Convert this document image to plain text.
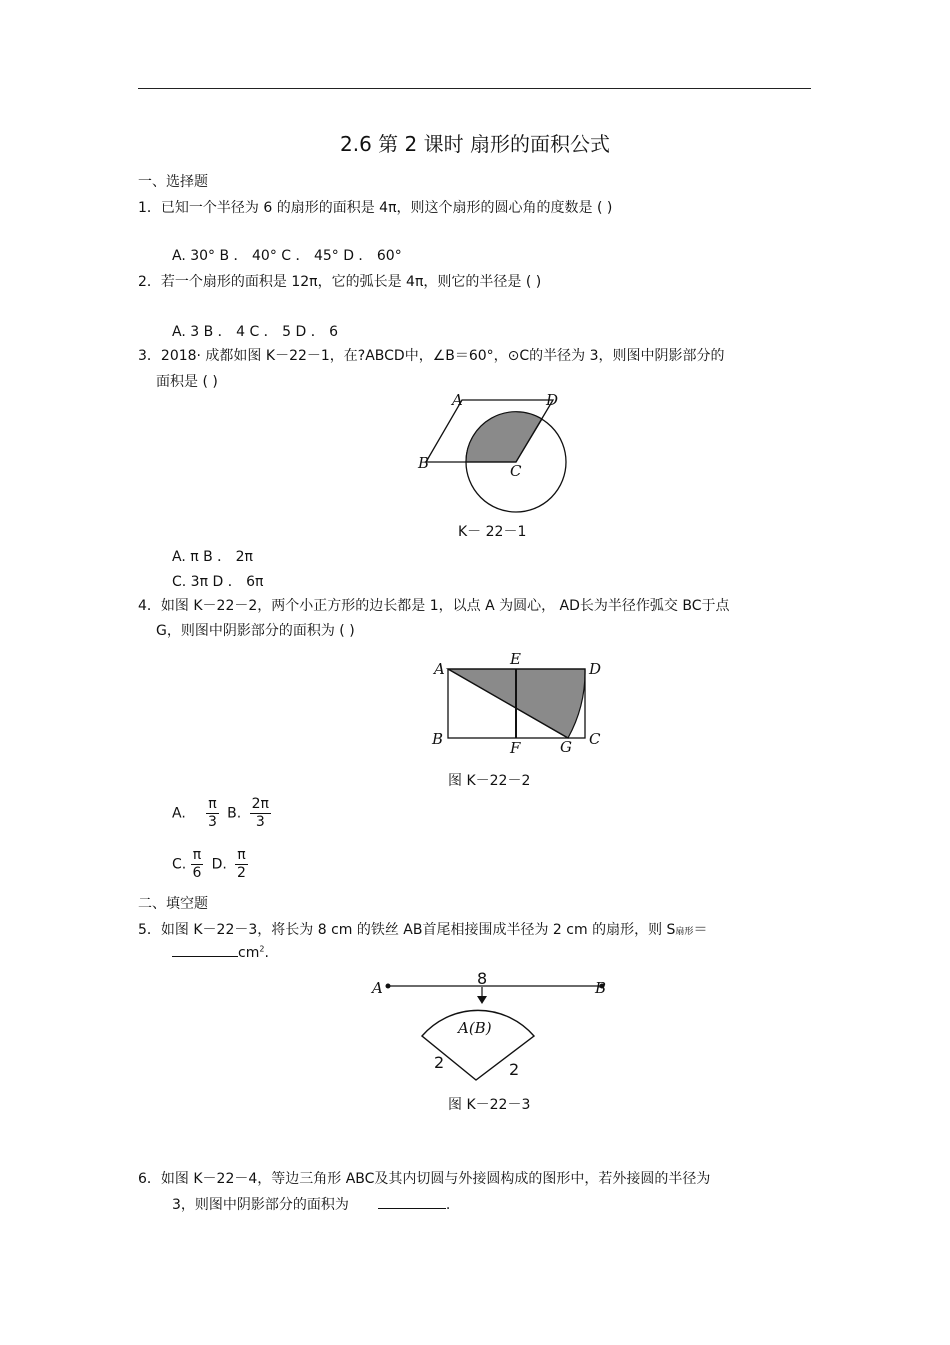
2.6 第 2 课时 扇形的面积公式
一、选择题
1．已知一个半径为 6 的扇形的面积是 4π，则这个扇形的圆心角的度数是 ( )
A. 30° B ． 40° C ． 45° D ． 60°
2．若一个扇形的面积是 12π，它的弧长是 4π，则它的半径是 ( )
A. 3 B ． 4 C ． 5 D ． 6
3．2018· 成都如图 K－22－1，在?ABCD中，∠B＝60°，⊙C的半径为 3，则图中阴影部分的
面积是 ( )
A	D
B	C
K－ 22－1
A. π B ． 2π
C. 3π D ． 6π
4．如图 K－22－2，两个小正方形的边长都是 1，以点 A 为圆心， AD长为半径作弧交 BC于点
G，则图中阴影部分的面积为 ( )
A
E
D
B	F	G C
图 K－22－2
A. $\frac{\pi}{3} B$. $\frac{2\pi}{3}$
C. $\frac{\pi}{6} D$. $\frac{\pi}{2}$
二、填空题
5．如图 K－22－3，将长为 8 cm 的铁丝 AB首尾相接围成半径为 2 cm 的扇形，则 S扇形＝
$cm^2$.
A	B
8
A(B)
2	2
图 K－22－3
6．如图 K－22－4，等边三角形 ABC及其内切圆与外接圆构成的图形中，若外接圆的半径为
3，则图中阴影部分的面积为	.
